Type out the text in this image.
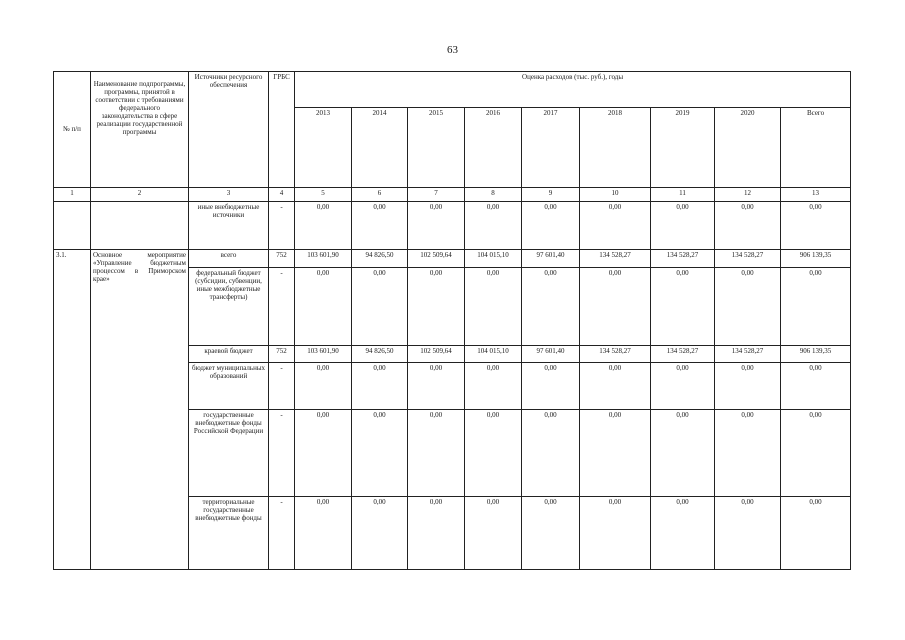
63
№ п/п	Наименование подпрограммы, программы, принятой в соответствии с требованиями федерального законодательства в сфере реализации государственной программы	Источники ресурсного обеспечения	ГРБС	Оценка расходов (тыс. руб.), годы								
				2013	2014	2015	2016	2017	2018	2019	2020	Всего
1	2	3	4	5	6	7	8	9	10	11	12	13
		иные внебюджетные источники	-	0,00	0,00	0,00	0,00	0,00	0,00	0,00	0,00	0,00
3.1.	Основное мероприятие «Управление бюджетным процессом в Приморском крае»	всего	752	103 601,90	94 826,50	102 509,64	104 015,10	97 601,40	134 528,27	134 528,27	134 528,27	906 139,35
		федеральный бюджет (субсидии, субвенции, иные межбюджетные трансферты)	-	0,00	0,00	0,00	0,00	0,00	0,00	0,00	0,00	0,00
		краевой бюджет	752	103 601,90	94 826,50	102 509,64	104 015,10	97 601,40	134 528,27	134 528,27	134 528,27	906 139,35
		бюджет муниципальных образований	-	0,00	0,00	0,00	0,00	0,00	0,00	0,00	0,00	0,00
		государственные внебюджетные фонды Российской Федерации	-	0,00	0,00	0,00	0,00	0,00	0,00	0,00	0,00	0,00
		территориальные государственные внебюджетные фонды	-	0,00	0,00	0,00	0,00	0,00	0,00	0,00	0,00	0,00
